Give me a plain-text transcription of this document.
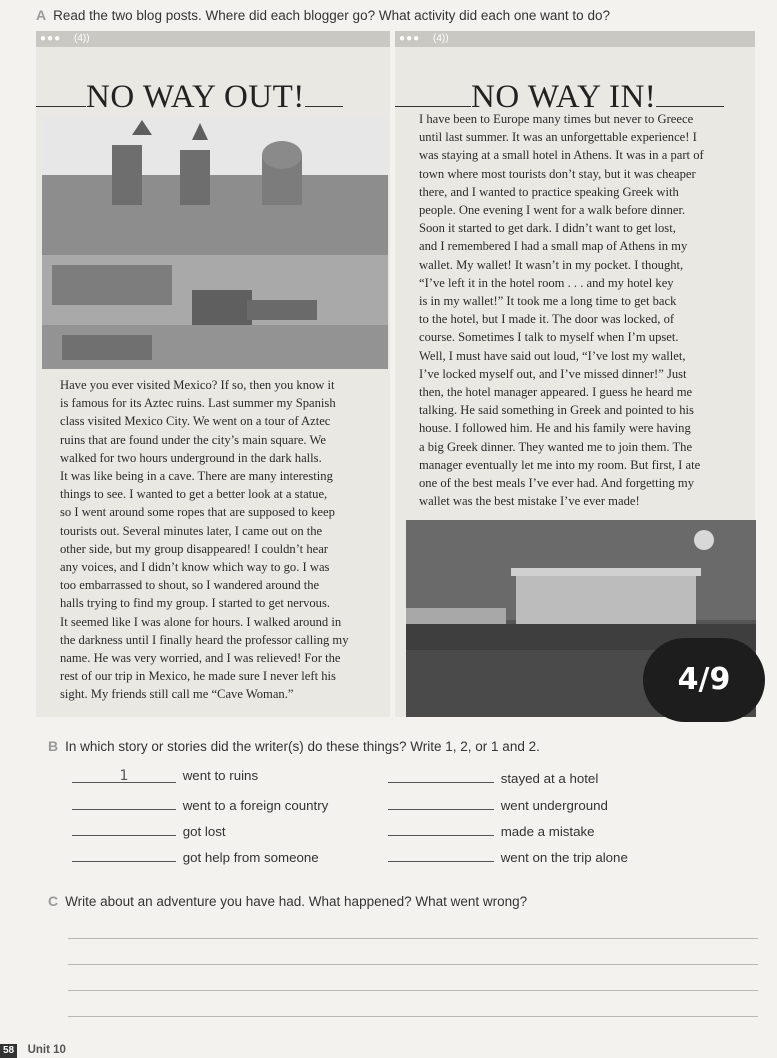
A Read the two blog posts. Where did each blogger go? What activity did each one want to do?
●●● (4))
NO WAY OUT!

Have you ever visited Mexico? If so, then you know it

is famous for its Aztec ruins. Last summer my Spanish

class visited Mexico City. We went on a tour of Aztec

ruins that are found under the city’s main square. We

walked for two hours underground in the dark halls.

It was like being in a cave. There are many interesting

things to see. I wanted to get a better look at a statue,

so I went around some ropes that are supposed to keep

tourists out. Several minutes later, I came out on the

other side, but my group disappeared! I couldn’t hear

any voices, and I didn’t know which way to go. I was

too embarrassed to shout, so I wandered around the

halls trying to find my group. I started to get nervous.

It seemed like I was alone for hours. I walked around in

the darkness until I finally heard the professor calling my

name. He was very worried, and I was relieved! For the

rest of our trip in Mexico, he made sure I never left his

sight. My friends still call me “Cave Woman.”

●●● (4))
NO WAY IN!

I have been to Europe many times but never to Greece

until last summer. It was an unforgettable experience! I

was staying at a small hotel in Athens. It was in a part of

town where most tourists don’t stay, but it was cheaper

there, and I wanted to practice speaking Greek with

people. One evening I went for a walk before dinner.

Soon it started to get dark. I didn’t want to get lost,

and I remembered I had a small map of Athens in my

wallet. My wallet! It wasn’t in my pocket. I thought,

“I’ve left it in the hotel room . . . and my hotel key

is in my wallet!” It took me a long time to get back

to the hotel, but I made it. The door was locked, of

course. Sometimes I talk to myself when I’m upset.

Well, I must have said out loud, “I’ve lost my wallet,

I’ve locked myself out, and I’ve missed dinner!” Just

then, the hotel manager appeared. I guess he heard me

talking. He said something in Greek and pointed to his

house. I followed him. He and his family were having

a big Greek dinner. They wanted me to join them. The

manager eventually let me into my room. But first, I ate

one of the best meals I’ve ever had. And forgetting my

wallet was the best mistake I’ve ever made!

4/9
B In which story or stories did the writer(s) do these things? Write 1, 2, or 1 and 2.
1	went to ruins
went to a foreign country
got lost
got help from someone
stayed at a hotel
went underground
made a mistake
went on the trip alone
C Write about an adventure you have had. What happened? What went wrong?
58 Unit 10
